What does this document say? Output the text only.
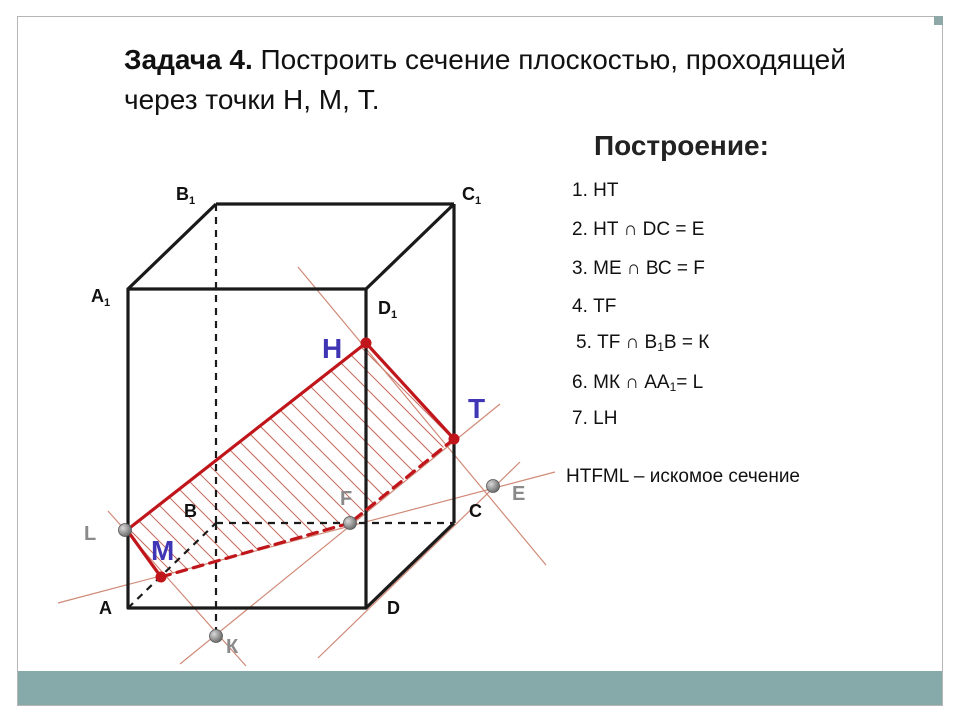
Задача 4. Построить сечение плоскостью, проходящей через точки Н, М, Т.
Построение:
1. НТ
2. НТ ∩ DC = Е
3. МЕ ∩ ВС = F
4. ТF
5. ТF ∩ $В_1В = К$
6. МК ∩ $АА_1= L$
7. LH
HTFML – искомое сечение
A
B	C
D
$A_1$
$B_1$	$C_1$
$D_1$
Н
Т
М
L
F	Е
К
